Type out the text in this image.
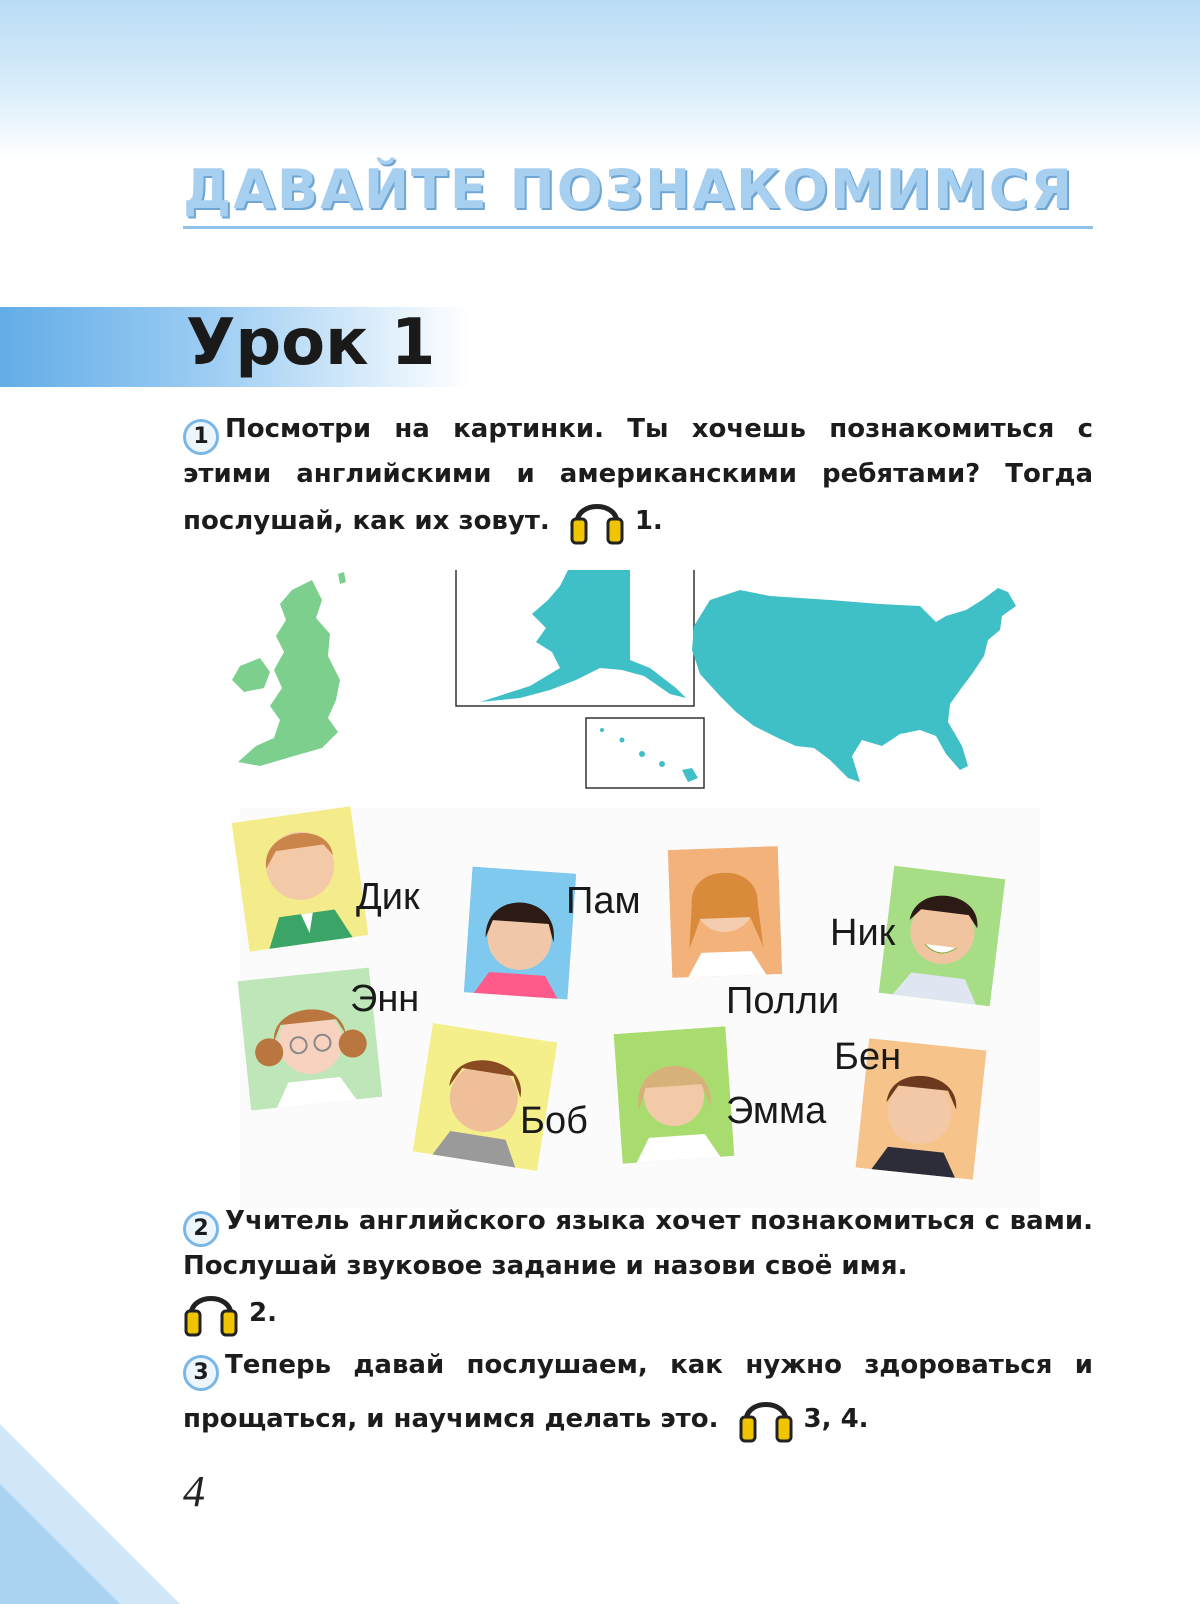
ДАВАЙТЕ ПОЗНАКОМИМСЯ
Урок 1
1 Посмотри на картинки. Ты хочешь познакомиться с этими английскими и американскими ребятами? Тогда послушай, как их зовут.	1.
Дик	Пам
Полли
Ник
Энн
Боб	Эмма
Бен
2 Учитель английского языка хочет познакомиться с вами. Послушай звуковое задание и назови своё имя.
2.
3 Теперь давай послушаем, как нужно здороваться и прощаться, и научимся делать это.	3, 4.
4
